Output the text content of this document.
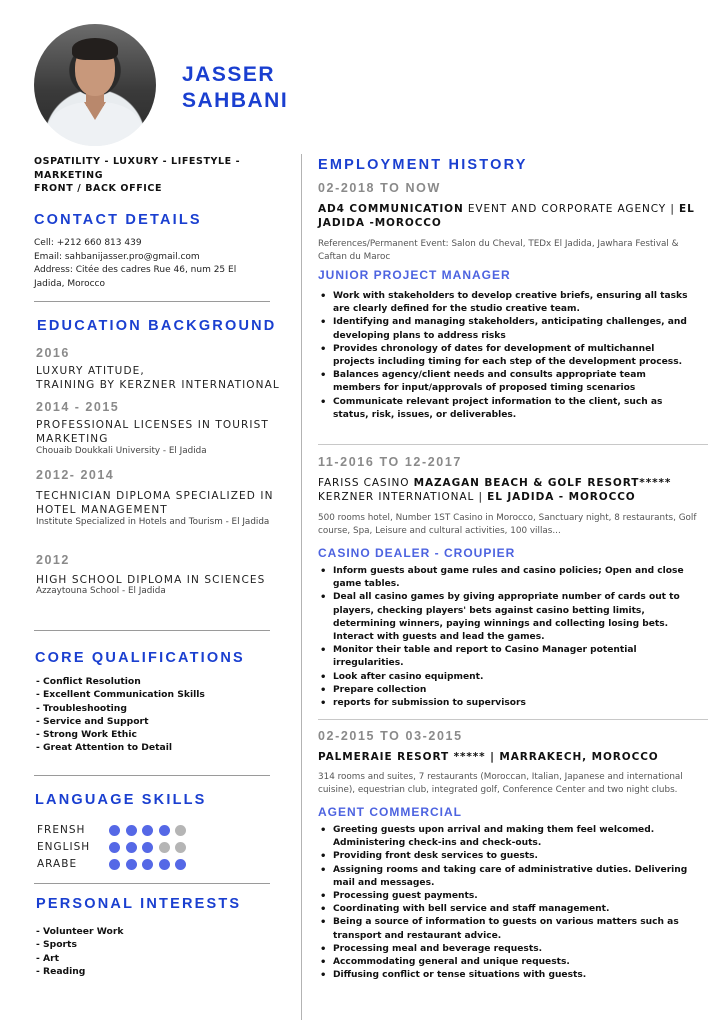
JASSER
SAHBANI
OSPATILITY - LUXURY - LIFESTYLE -
MARKETING
FRONT / BACK OFFICE
CONTACT DETAILS
Cell: +212 660 813 439
Email: sahbanijasser.pro@gmail.com
Address: Citée des cadres Rue 46, num 25 El Jadida, Morocco
EDUCATION BACKGROUND
2016
LUXURY ATITUDE,
TRAINING BY KERZNER INTERNATIONAL
2014 - 2015
PROFESSIONAL LICENSES IN TOURIST MARKETING
Chouaib Doukkali University - El Jadida
2012- 2014
TECHNICIAN DIPLOMA SPECIALIZED IN HOTEL MANAGEMENT
Institute Specialized in Hotels and Tourism - El Jadida
2012
HIGH SCHOOL DIPLOMA IN SCIENCES
Azzaytouna School - El Jadida
CORE QUALIFICATIONS
- Conflict Resolution
- Excellent Communication Skills
- Troubleshooting
- Service and Support
- Strong Work Ethic
- Great Attention to Detail
LANGUAGE SKILLS
FRENSH
ENGLISH
ARABE
PERSONAL INTERESTS
- Volunteer Work
- Sports
- Art
- Reading
EMPLOYMENT HISTORY
02-2018 TO NOW
AD4 COMMUNICATION EVENT AND CORPORATE AGENCY | EL JADIDA -MOROCCO
References/Permanent Event: Salon du Cheval, TEDx El Jadida, Jawhara Festival & Caftan du Maroc
JUNIOR PROJECT MANAGER
• Work with stakeholders to develop creative briefs, ensuring all tasks are clearly defined for the studio creative team.
• Identifying and managing stakeholders, anticipating challenges, and developing plans to address risks
• Provides chronology of dates for development of multichannel projects including timing for each step of the development process.
• Balances agency/client needs and consults appropriate team members for input/approvals of proposed timing scenarios
• Communicate relevant project information to the client, such as status, risk, issues, or deliverables.
11-2016 TO 12-2017
FARISS CASINO MAZAGAN BEACH & GOLF RESORT*****
KERZNER INTERNATIONAL | EL JADIDA - MOROCCO
500 rooms hotel, Number 1ST Casino in Morocco, Sanctuary night, 8 restaurants, Golf course, Spa, Leisure and cultural activities, 100 villas...
CASINO DEALER - CROUPIER
• Inform guests about game rules and casino policies; Open and close game tables.
• Deal all casino games by giving appropriate number of cards out to players, checking players' bets against casino betting limits, determining winners, paying winnings and collecting losing bets. Interact with guests and lead the games.
• Monitor their table and report to Casino Manager potential irregularities.
• Look after casino equipment.
• Prepare collection
• reports for submission to supervisors
02-2015 TO 03-2015
PALMERAIE RESORT ***** | MARRAKECH, MOROCCO
314 rooms and suites, 7 restaurants (Moroccan, Italian, Japanese and international cuisine), equestrian club, integrated golf, Conference Center and two night clubs.
AGENT COMMERCIAL
• Greeting guests upon arrival and making them feel welcomed. Administering check-ins and check-outs.
• Providing front desk services to guests.
• Assigning rooms and taking care of administrative duties. Delivering mail and messages.
• Processing guest payments.
• Coordinating with bell service and staff management.
• Being a source of information to guests on various matters such as transport and restaurant advice.
• Processing meal and beverage requests.
• Accommodating general and unique requests.
• Diffusing conflict or tense situations with guests.
